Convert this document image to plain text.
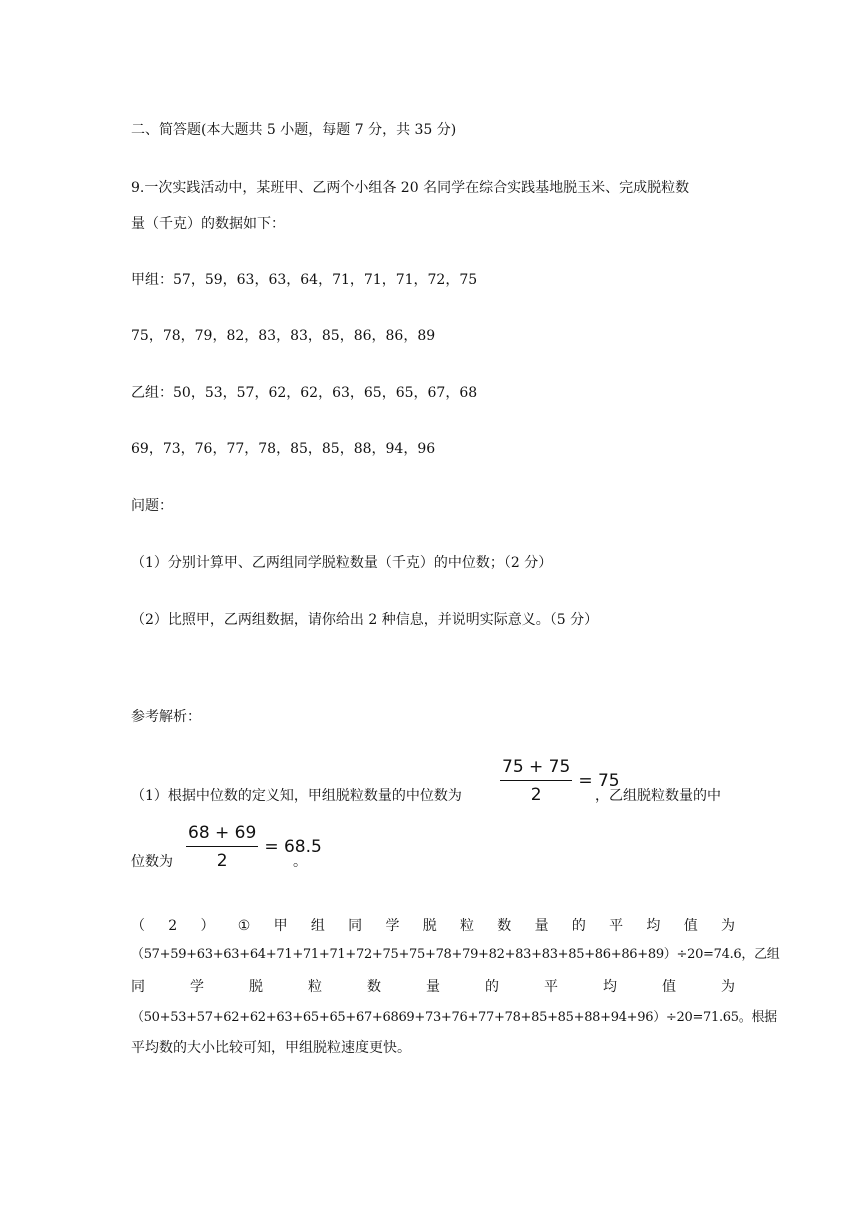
二、简答题(本大题共 5 小题，每题 7 分，共 35 分)
9.一次实践活动中，某班甲、乙两个小组各 20 名同学在综合实践基地脱玉米、完成脱粒数
量（千克）的数据如下：
甲组：57，59，63，63，64，71，71，71，72，75
75，78，79，82，83，83，85，86，86，89
乙组：50，53，57，62，62，63，65，65，67，68
69，73，76，77，78，85，85，88，94，96
问题：
（1）分别计算甲、乙两组同学脱粒数量（千克）的中位数；（2 分）
（2）比照甲，乙两组数据，请你给出 2 种信息，并说明实际意义。（5 分）
参考解析：
（1）根据中位数的定义知，甲组脱粒数量的中位数为 $\frac{75 + 75}{2} = 75$
，乙组脱粒数量的中
位数为 $\frac{68 + 69}{2} = 68.5$
。
（ 2 ） ① 甲 组 同 学 脱 粒 数 量 的 平 均 值 为
（57+59+63+63+64+71+71+71+72+75+75+78+79+82+83+83+85+86+86+89）÷20=74.6，乙组
同	学	脱	粒	数	量	的	平	均	值	为
（50+53+57+62+62+63+65+65+67+6869+73+76+77+78+85+85+88+94+96）÷20=71.65。根据
平均数的大小比较可知，甲组脱粒速度更快。
